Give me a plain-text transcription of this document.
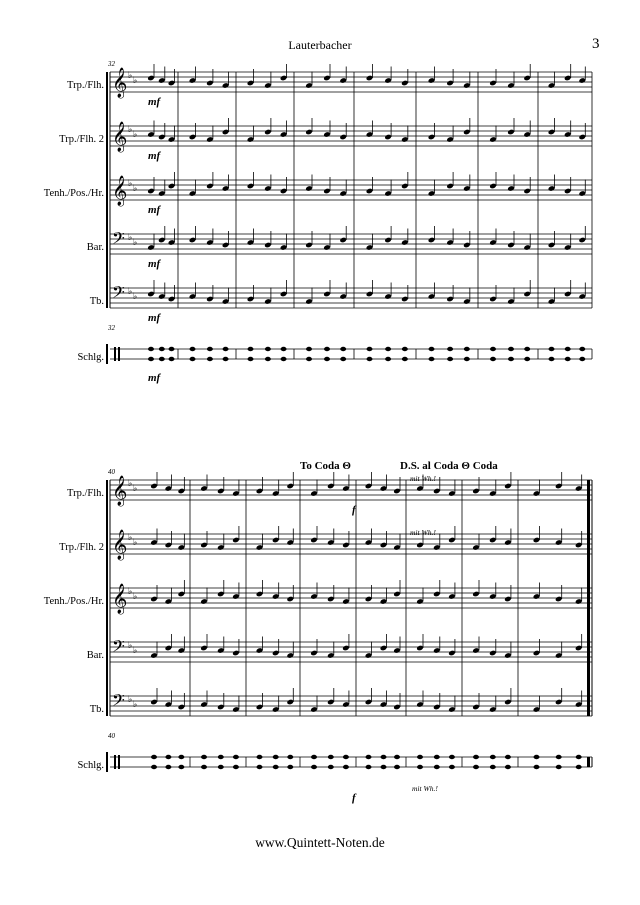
Lauterbacher	3
Trp./Flh.
Trp./Flh. 2
Tenh./Pos./Hr.
Bar.
Tb.
Schlg.
32
32
𝄞 ♭ ♭
𝄞 ♭ ♭
𝄞 ♭ ♭
𝄢 ♭ ♭
𝄢 ♭ ♭
mf
mf
mf
mf
mf
mf
Trp./Flh.
Trp./Flh. 2
Tenh./Pos./Hr.
Bar.
Tb.
Schlg.
40
40
𝄞 ♭ ♭
𝄞 ♭ ♭
𝄞 ♭ ♭
𝄢 ♭ ♭
𝄢 ♭ ♭
To Coda Θ	D.S. al Coda Θ Coda
mit Wh.!
mit Wh.!
mit Wh.!
f
f
www.Quintett-Noten.de
